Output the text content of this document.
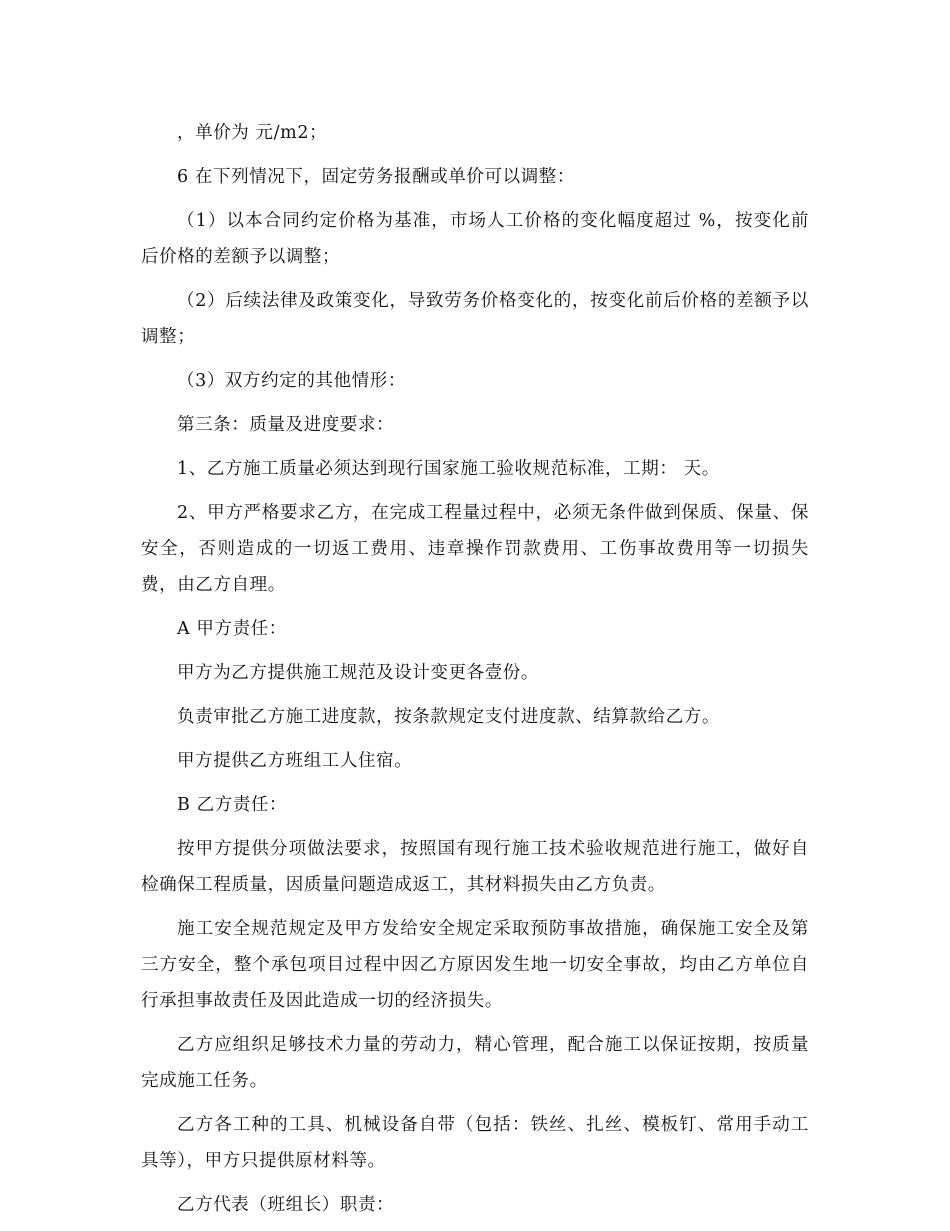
，单价为 元/m2；

6 在下列情况下，固定劳务报酬或单价可以调整：

（1）以本合同约定价格为基准，市场人工价格的变化幅度超过 %，按变化前后价格的差额予以调整；

（2）后续法律及政策变化，导致劳务价格变化的，按变化前后价格的差额予以调整；

（3）双方约定的其他情形：

第三条：质量及进度要求：

1、乙方施工质量必须达到现行国家施工验收规范标准，工期： 天。

2、甲方严格要求乙方，在完成工程量过程中，必须无条件做到保质、保量、保安全，否则造成的一切返工费用、违章操作罚款费用、工伤事故费用等一切损失费，由乙方自理。

A 甲方责任：

甲方为乙方提供施工规范及设计变更各壹份。

负责审批乙方施工进度款，按条款规定支付进度款、结算款给乙方。

甲方提供乙方班组工人住宿。

B 乙方责任：

按甲方提供分项做法要求，按照国有现行施工技术验收规范进行施工，做好自检确保工程质量，因质量问题造成返工，其材料损失由乙方负责。

施工安全规范规定及甲方发给安全规定采取预防事故措施，确保施工安全及第三方安全，整个承包项目过程中因乙方原因发生地一切安全事故，均由乙方单位自行承担事故责任及因此造成一切的经济损失。

乙方应组织足够技术力量的劳动力，精心管理，配合施工以保证按期，按质量完成施工任务。

乙方各工种的工具、机械设备自带（包括：铁丝、扎丝、模板钉、常用手动工具等），甲方只提供原材料等。

乙方代表（班组长）职责：
